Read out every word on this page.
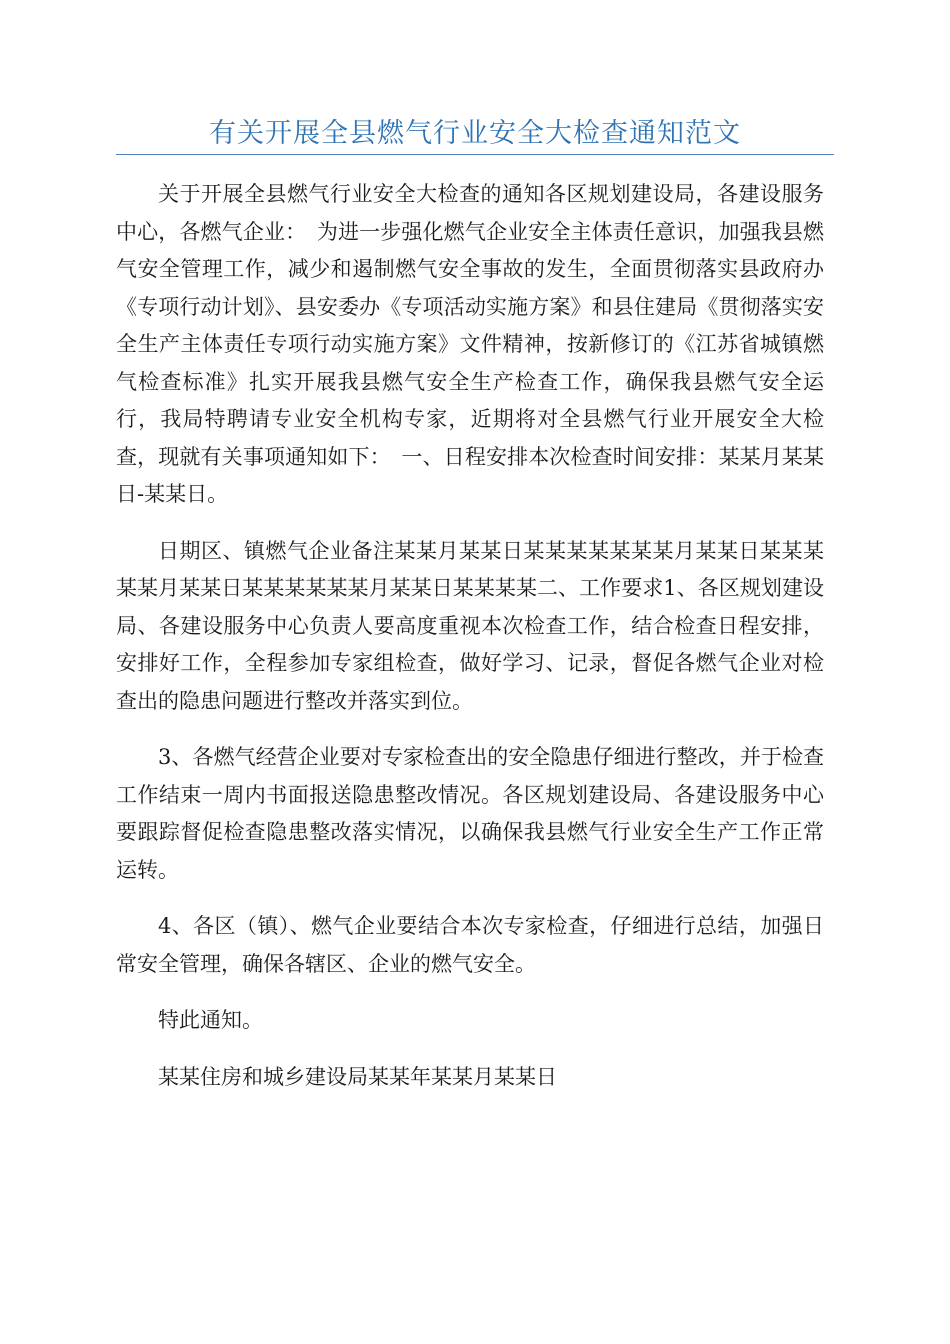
有关开展全县燃气行业安全大检查通知范文

关于开展全县燃气行业安全大检查的通知各区规划建设局，各建设服务中心，各燃气企业：　为进一步强化燃气企业安全主体责任意识，加强我县燃气安全管理工作，减少和遏制燃气安全事故的发生，全面贯彻落实县政府办《专项行动计划》、县安委办《专项活动实施方案》和县住建局《贯彻落实安全生产主体责任专项行动实施方案》文件精神，按新修订的《江苏省城镇燃气检查标准》扎实开展我县燃气安全生产检查工作，确保我县燃气安全运行，我局特聘请专业安全机构专家，近期将对全县燃气行业开展安全大检查，现就有关事项通知如下：　一、日程安排本次检查时间安排：某某月某某日-某某日。

日期区、镇燃气企业备注某某月某某日某某某某某某某月某某日某某某某某月某某日某某某某某某月某某日某某某某二、工作要求1、各区规划建设局、各建设服务中心负责人要高度重视本次检查工作，结合检查日程安排，安排好工作，全程参加专家组检查，做好学习、记录，督促各燃气企业对检查出的隐患问题进行整改并落实到位。

3、各燃气经营企业要对专家检查出的安全隐患仔细进行整改，并于检查工作结束一周内书面报送隐患整改情况。各区规划建设局、各建设服务中心要跟踪督促检查隐患整改落实情况，以确保我县燃气行业安全生产工作正常运转。

4、各区（镇）、燃气企业要结合本次专家检查，仔细进行总结，加强日常安全管理，确保各辖区、企业的燃气安全。

特此通知。

某某住房和城乡建设局某某年某某月某某日
